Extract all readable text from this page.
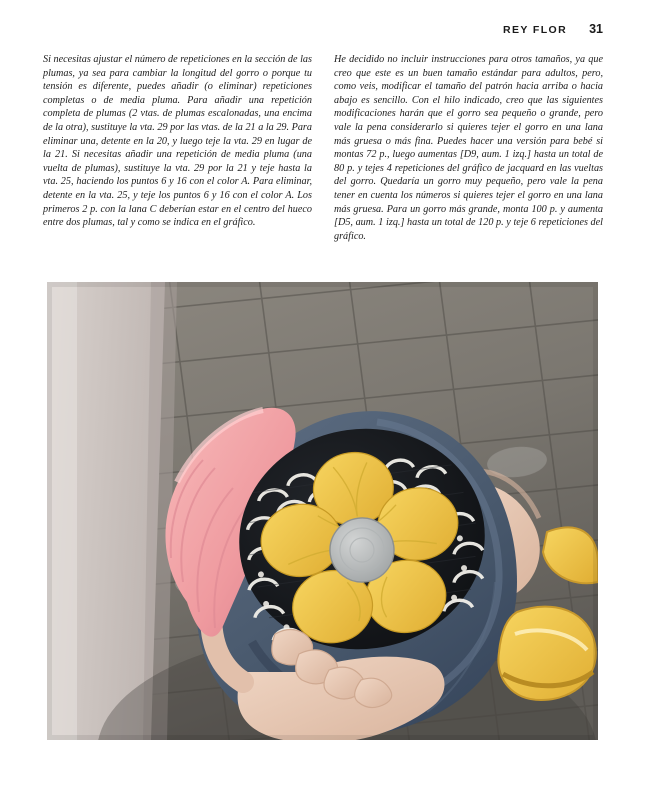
REY FLOR 31

Si necesitas ajustar el número de repeticiones en la sección de las plumas, ya sea para cambiar la longitud del gorro o porque tu tensión es diferente, puedes añadir (o eliminar) repeticiones completas o de media pluma. Para añadir una repetición completa de plumas (2 vtas. de plumas escalonadas, una encima de la otra), sustituye la vta. 29 por las vtas. de la 21 a la 29. Para eliminar una, detente en la 20, y luego teje la vta. 29 en lugar de la 21. Si necesitas añadir una repetición de media pluma (una vuelta de plumas), sustituye la vta. 29 por la 21 y teje hasta la vta. 25, haciendo los puntos 6 y 16 con el color A. Para eliminar, detente en la vta. 25, y teje los puntos 6 y 16 con el color A. Los primeros 2 p. con la lana C deberían estar en el centro del hueco entre dos plumas, tal y como se indica en el gráfico.

He decidido no incluir instrucciones para otros tamaños, ya que creo que este es un buen tamaño estándar para adultos, pero, como veis, modificar el tamaño del patrón hacia arriba o hacia abajo es sencillo. Con el hilo indicado, creo que las siguientes modificaciones harán que el gorro sea pequeño o grande, pero vale la pena considerarlo si quieres tejer el gorro en una lana más gruesa o más fina. Puedes hacer una versión para bebé si montas 72 p., luego aumentas [D9, aum. 1 izq.] hasta un total de 80 p. y tejes 4 repeticiones del gráfico de jacquard en las vueltas del gorro. Quedaría un gorro muy pequeño, pero vale la pena tener en cuenta los números si quieres tejer el gorro en una lana más gruesa. Para un gorro más grande, monta 100 p. y aumenta [D5, aum. 1 izq.] hasta un total de 120 p. y teje 6 repeticiones del gráfico.
